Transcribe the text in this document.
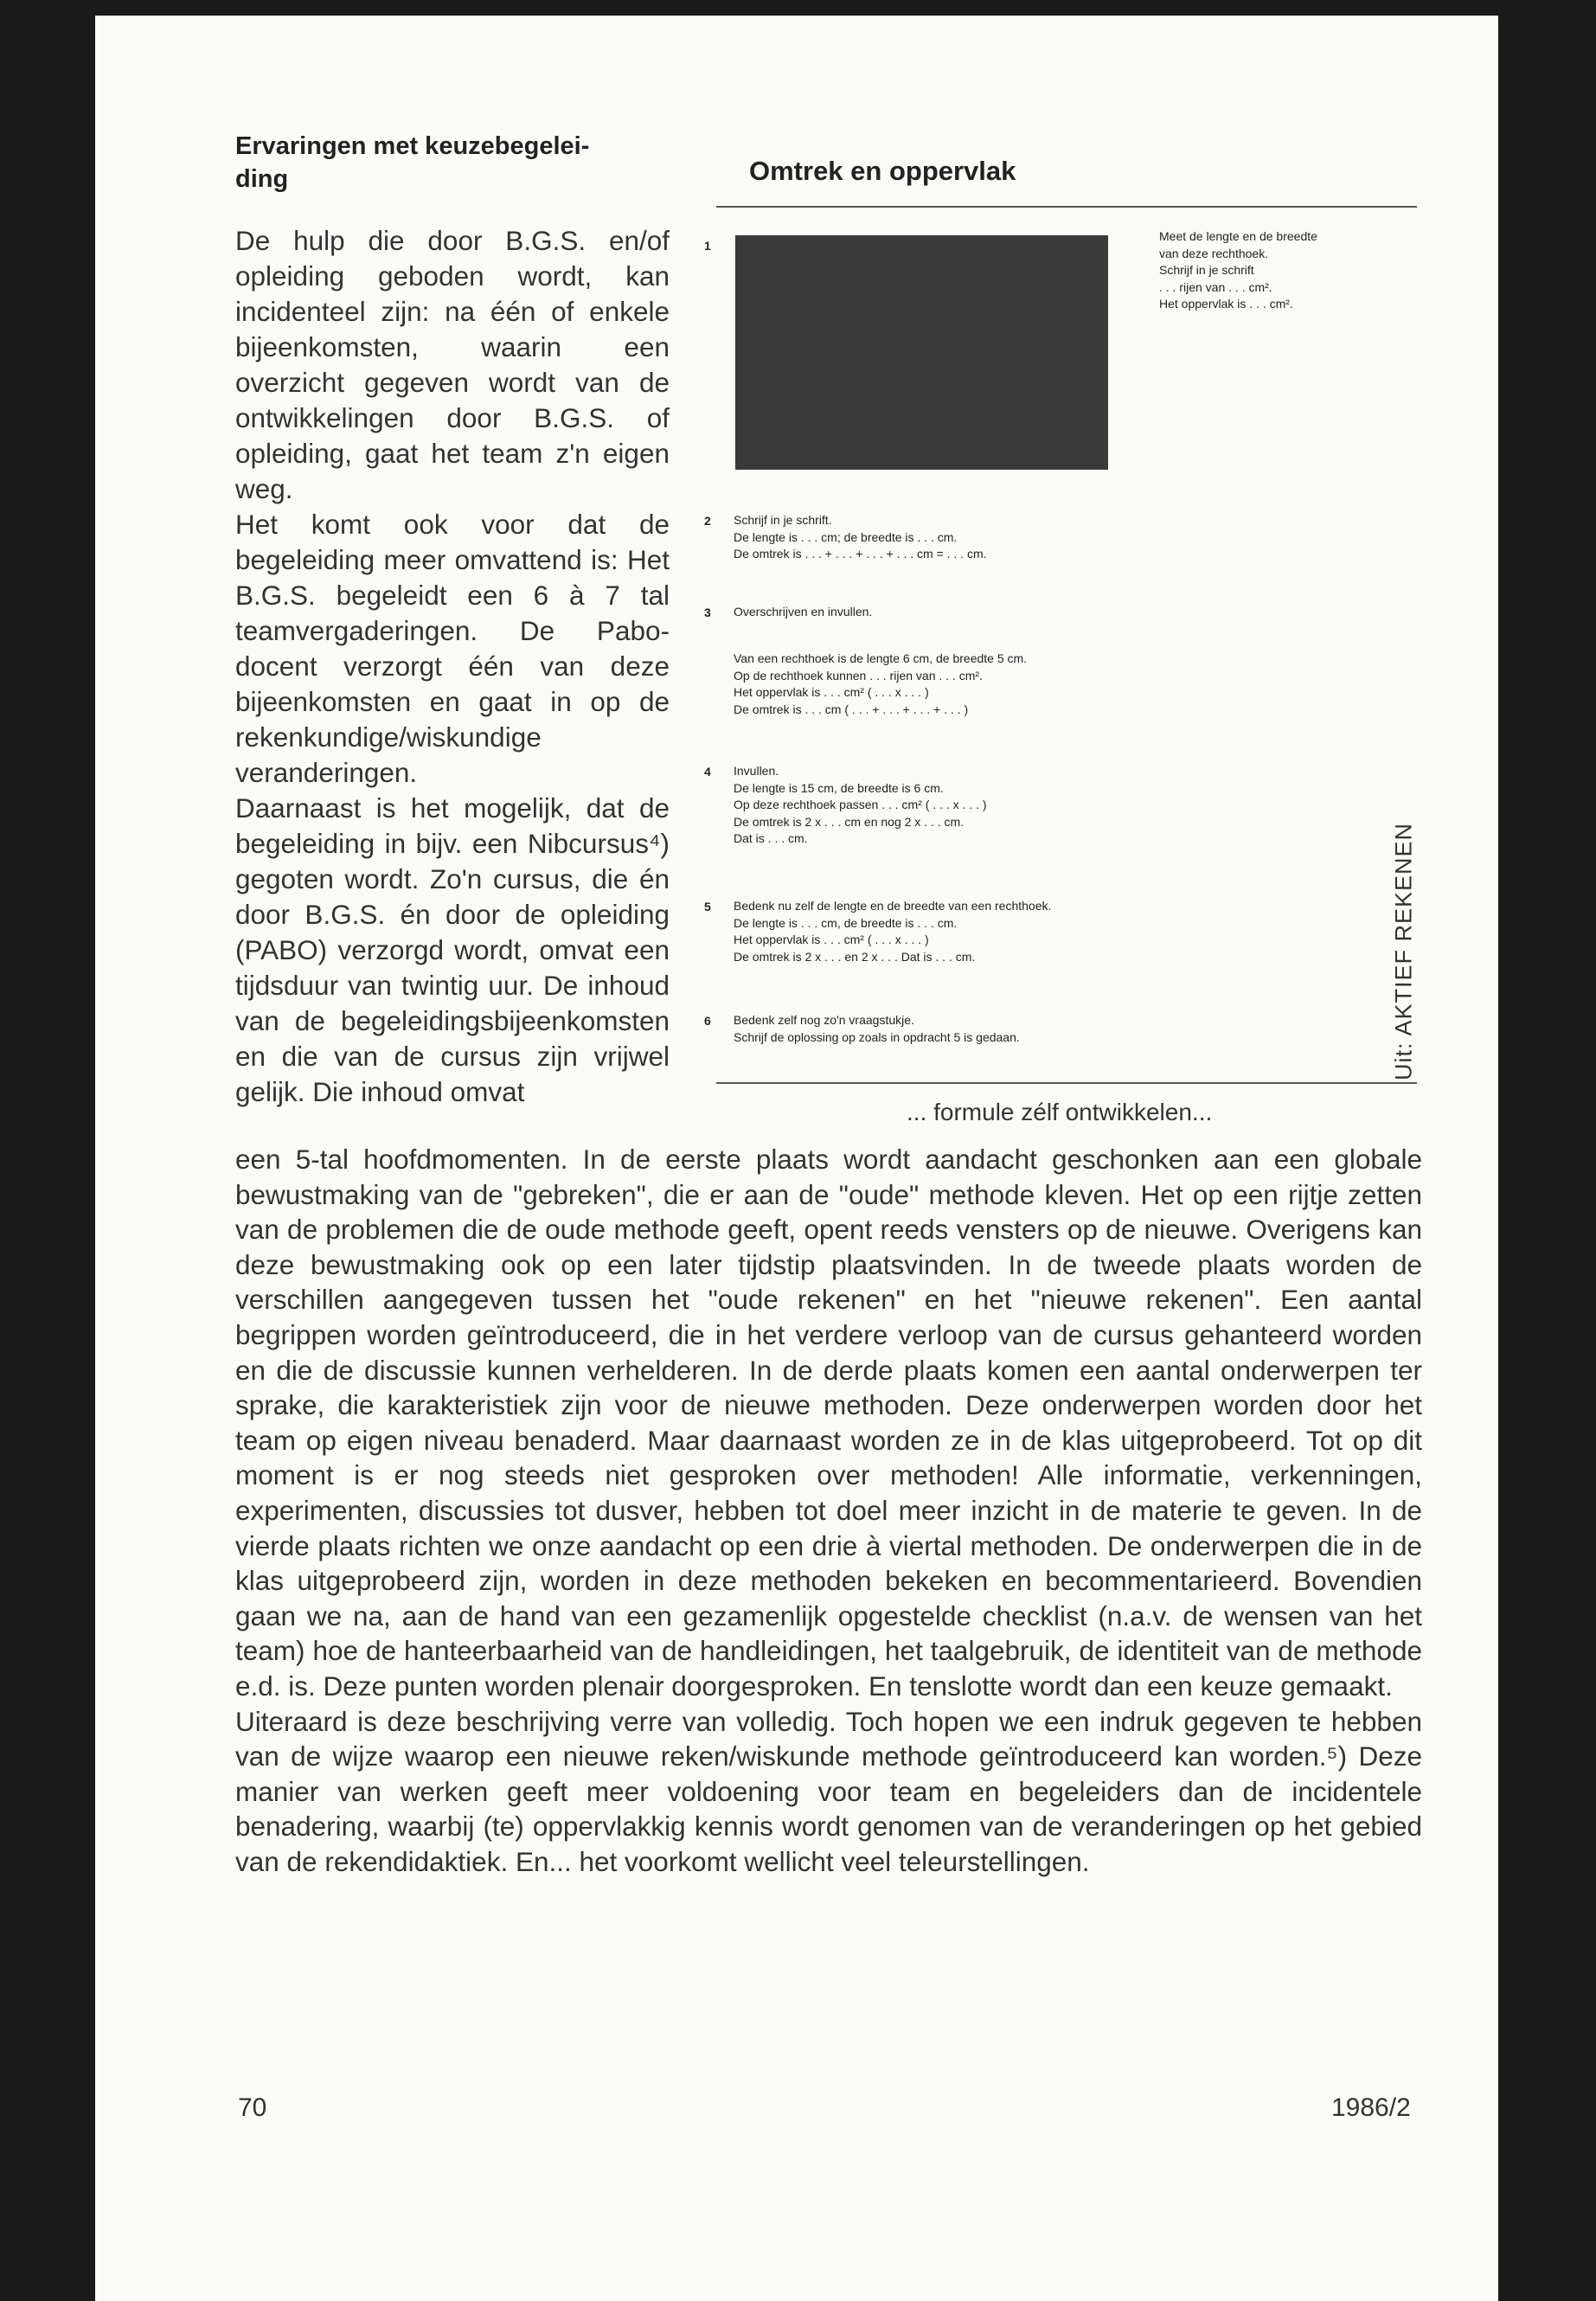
Ervaringen met keuzebegelei-
ding

De hulp die door B.G.S. en/of opleiding geboden wordt, kan incidenteel zijn: na één of enkele bijeenkomsten, waarin een overzicht gegeven wordt van de ontwikkelingen door B.G.S. of opleiding, gaat het team z'n eigen weg.

Het komt ook voor dat de begeleiding meer omvattend is: Het B.G.S. begeleidt een 6 à 7 tal teamvergaderingen. De Pabo-docent verzorgt één van deze bijeenkomsten en gaat in op de rekenkundige/wiskundige veranderingen.

Daarnaast is het mogelijk, dat de begeleiding in bijv. een Nibcursus⁴) gegoten wordt. Zo'n cursus, die én door B.G.S. én door de opleiding (PABO) verzorgd wordt, omvat een tijdsduur van twintig uur. De inhoud van de begeleidingsbijeenkomsten en die van de cursus zijn vrijwel gelijk. Die inhoud omvat

Omtrek en oppervlak
1
Meet de lengte en de breedte
van deze rechthoek.
Schrijf in je schrift
. . . rijen van . . . cm².
Het oppervlak is . . . cm².
2 Schrijf in je schrift.
De lengte is . . . cm; de breedte is . . . cm.
De omtrek is . . . + . . . + . . . + . . . cm = . . . cm.
3 Overschrijven en invullen.
Van een rechthoek is de lengte 6 cm, de breedte 5 cm.
Op de rechthoek kunnen . . . rijen van . . . cm².
Het oppervlak is . . . cm² ( . . . x . . . )
De omtrek is . . . cm ( . . . + . . . + . . . + . . . )
4 Invullen.
De lengte is 15 cm, de breedte is 6 cm.
Op deze rechthoek passen . . . cm² ( . . . x . . . )
De omtrek is 2 x . . . cm en nog 2 x . . . cm.
Dat is . . . cm.
5 Bedenk nu zelf de lengte en de breedte van een rechthoek.
De lengte is . . . cm, de breedte is . . . cm.
Het oppervlak is . . . cm² ( . . . x . . . )
De omtrek is 2 x . . . en 2 x . . . Dat is . . . cm.
6 Bedenk zelf nog zo'n vraagstukje.
Schrijf de oplossing op zoals in opdracht 5 is gedaan.	Uit: AKTIEF REKENEN
... formule zélf ontwikkelen...

een 5-tal hoofdmomenten. In de eerste plaats wordt aandacht geschonken aan een globale bewustmaking van de "gebreken", die er aan de "oude" methode kleven. Het op een rijtje zetten van de problemen die de oude methode geeft, opent reeds vensters op de nieuwe. Overigens kan deze bewustmaking ook op een later tijdstip plaatsvinden. In de tweede plaats worden de verschillen aangegeven tussen het "oude rekenen" en het "nieuwe rekenen". Een aantal begrippen worden geïntroduceerd, die in het verdere verloop van de cursus gehanteerd worden en die de discussie kunnen verhelderen. In de derde plaats komen een aantal onderwerpen ter sprake, die karakteristiek zijn voor de nieuwe methoden. Deze onderwerpen worden door het team op eigen niveau benaderd. Maar daarnaast worden ze in de klas uitgeprobeerd. Tot op dit moment is er nog steeds niet gesproken over methoden! Alle informatie, verkenningen, experimenten, discussies tot dusver, hebben tot doel meer inzicht in de materie te geven. In de vierde plaats richten we onze aandacht op een drie à viertal methoden. De onderwerpen die in de klas uitgeprobeerd zijn, worden in deze methoden bekeken en becommentarieerd. Bovendien gaan we na, aan de hand van een gezamenlijk opgestelde checklist (n.a.v. de wensen van het team) hoe de hanteerbaarheid van de handleidingen, het taalgebruik, de identiteit van de methode e.d. is. Deze punten worden plenair doorgesproken. En tenslotte wordt dan een keuze gemaakt.

Uiteraard is deze beschrijving verre van volledig. Toch hopen we een indruk gegeven te hebben van de wijze waarop een nieuwe reken/wiskunde methode geïntroduceerd kan worden.⁵) Deze manier van werken geeft meer voldoening voor team en begeleiders dan de incidentele benadering, waarbij (te) oppervlakkig kennis wordt genomen van de veranderingen op het gebied van de rekendidaktiek. En... het voorkomt wellicht veel teleurstellingen.

70	1986/2
